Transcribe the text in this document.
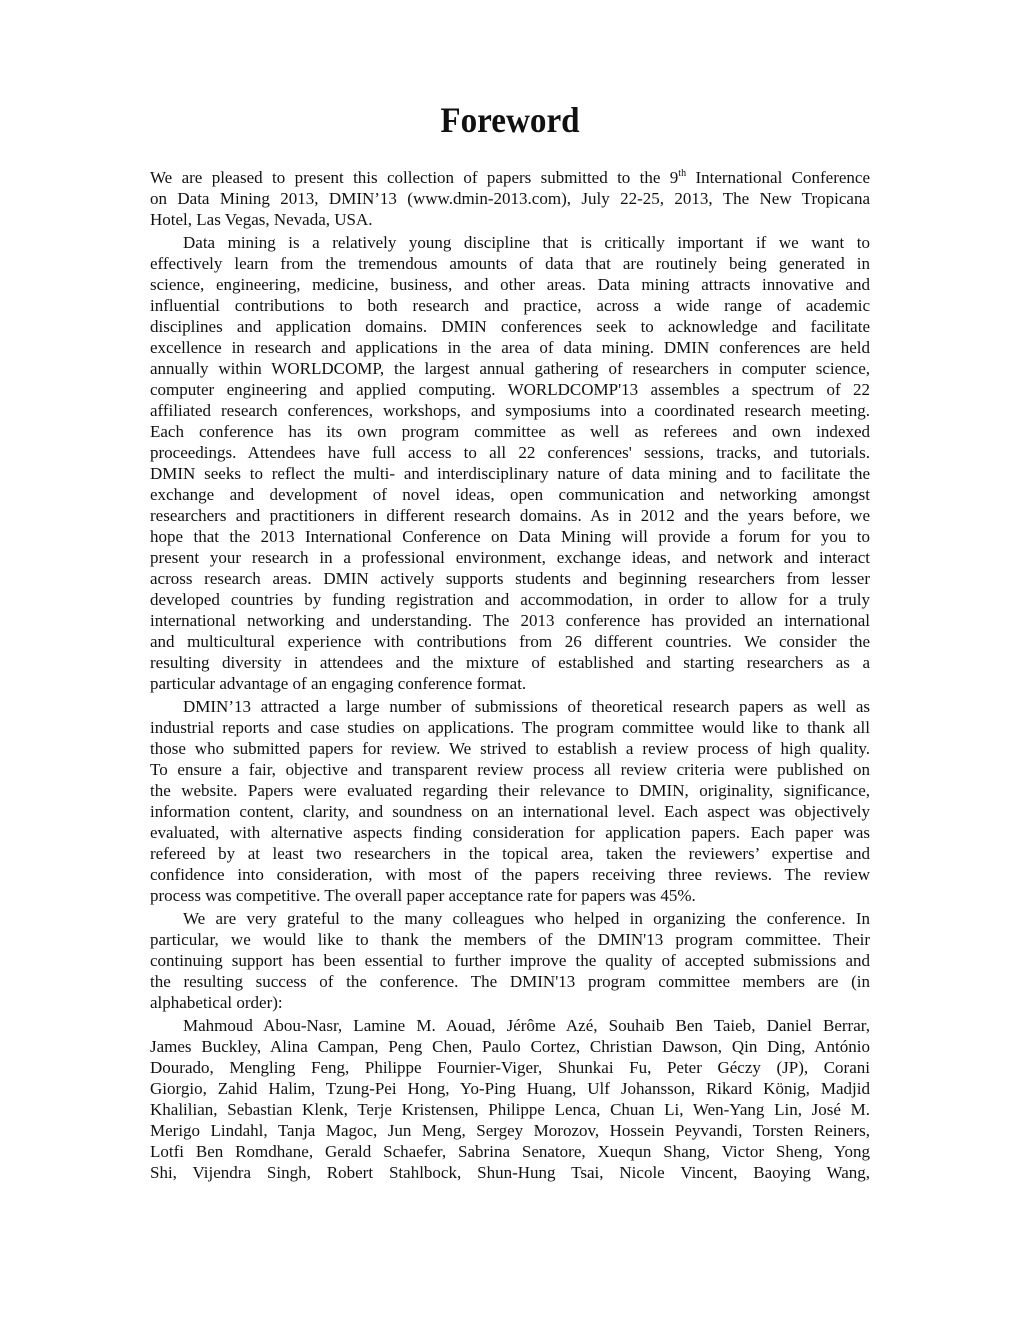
Foreword
We are pleased to present this collection of papers submitted to the 9th International Conference
on Data Mining 2013, DMIN’13 (www.dmin-2013.com), July 22-25, 2013, The New Tropicana
Hotel, Las Vegas, Nevada, USA.
Data mining is a relatively young discipline that is critically important if we want to
effectively learn from the tremendous amounts of data that are routinely being generated in
science, engineering, medicine, business, and other areas. Data mining attracts innovative and
influential contributions to both research and practice, across a wide range of academic
disciplines and application domains. DMIN conferences seek to acknowledge and facilitate
excellence in research and applications in the area of data mining. DMIN conferences are held
annually within WORLDCOMP, the largest annual gathering of researchers in computer science,
computer engineering and applied computing. WORLDCOMP'13 assembles a spectrum of 22
affiliated research conferences, workshops, and symposiums into a coordinated research meeting.
Each conference has its own program committee as well as referees and own indexed
proceedings. Attendees have full access to all 22 conferences' sessions, tracks, and tutorials.
DMIN seeks to reflect the multi- and interdisciplinary nature of data mining and to facilitate the
exchange and development of novel ideas, open communication and networking amongst
researchers and practitioners in different research domains. As in 2012 and the years before, we
hope that the 2013 International Conference on Data Mining will provide a forum for you to
present your research in a professional environment, exchange ideas, and network and interact
across research areas. DMIN actively supports students and beginning researchers from lesser
developed countries by funding registration and accommodation, in order to allow for a truly
international networking and understanding. The 2013 conference has provided an international
and multicultural experience with contributions from 26 different countries. We consider the
resulting diversity in attendees and the mixture of established and starting researchers as a
particular advantage of an engaging conference format.
DMIN’13 attracted a large number of submissions of theoretical research papers as well as
industrial reports and case studies on applications. The program committee would like to thank all
those who submitted papers for review. We strived to establish a review process of high quality.
To ensure a fair, objective and transparent review process all review criteria were published on
the website. Papers were evaluated regarding their relevance to DMIN, originality, significance,
information content, clarity, and soundness on an international level. Each aspect was objectively
evaluated, with alternative aspects finding consideration for application papers. Each paper was
refereed by at least two researchers in the topical area, taken the reviewers’ expertise and
confidence into consideration, with most of the papers receiving three reviews. The review
process was competitive. The overall paper acceptance rate for papers was 45%.
We are very grateful to the many colleagues who helped in organizing the conference. In
particular, we would like to thank the members of the DMIN'13 program committee. Their
continuing support has been essential to further improve the quality of accepted submissions and
the resulting success of the conference. The DMIN'13 program committee members are (in
alphabetical order):
Mahmoud Abou-Nasr, Lamine M. Aouad, Jérôme Azé, Souhaib Ben Taieb, Daniel Berrar,
James Buckley, Alina Campan, Peng Chen, Paulo Cortez, Christian Dawson, Qin Ding, António
Dourado, Mengling Feng, Philippe Fournier-Viger, Shunkai Fu, Peter Géczy (JP), Corani
Giorgio, Zahid Halim, Tzung-Pei Hong, Yo-Ping Huang, Ulf Johansson, Rikard König, Madjid
Khalilian, Sebastian Klenk, Terje Kristensen, Philippe Lenca, Chuan Li, Wen-Yang Lin, José M.
Merigo Lindahl, Tanja Magoc, Jun Meng, Sergey Morozov, Hossein Peyvandi, Torsten Reiners,
Lotfi Ben Romdhane, Gerald Schaefer, Sabrina Senatore, Xuequn Shang, Victor Sheng, Yong
Shi, Vijendra Singh, Robert Stahlbock, Shun-Hung Tsai, Nicole Vincent, Baoying Wang,
